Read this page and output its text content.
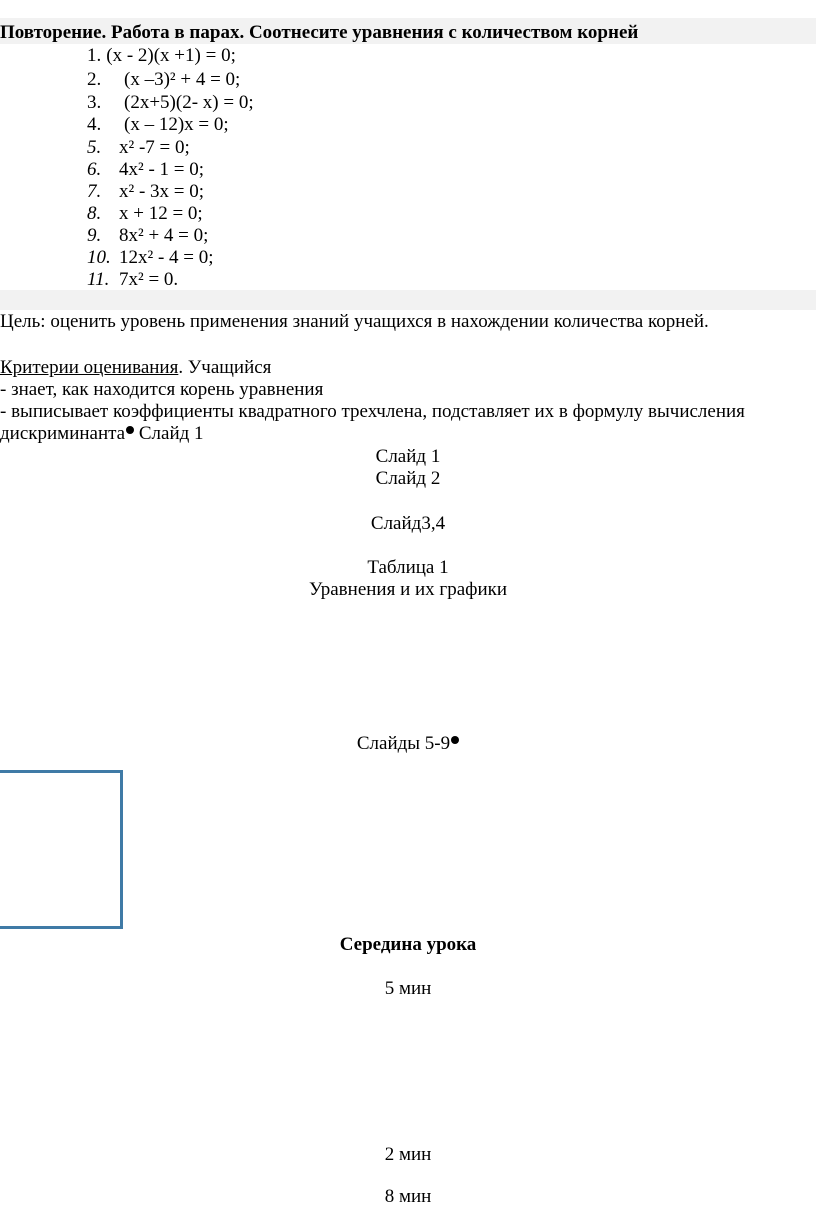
Повторение. Работа в парах. Соотнесите уравнения с количеством корней
1. (x - 2)(x +1) = 0;
2. (x –3)² + 4 = 0;
3. (2x+5)(2- x) = 0;
4. (x – 12)x = 0;
5. x² -7 = 0;
6. 4x² - 1 = 0;
7. x² - 3x = 0;
8. x + 12 = 0;
9. 8x² + 4 = 0;
10. 12x² - 4 = 0;
11. 7x² = 0.
Цель: оценить уровень применения знаний учащихся в нахождении количества корней.
Критерии оценивания. Учащийся
- знает, как находится корень уравнения
- выписывает коэффициенты квадратного трехчлена, подставляет их в формулу вычисления
дискриминанта Слайд 1
Слайд 1
Слайд 2
Слайд3,4
Таблица 1
Уравнения и их графики
Слайды 5-9
Середина урока
5 мин
2 мин
8 мин
